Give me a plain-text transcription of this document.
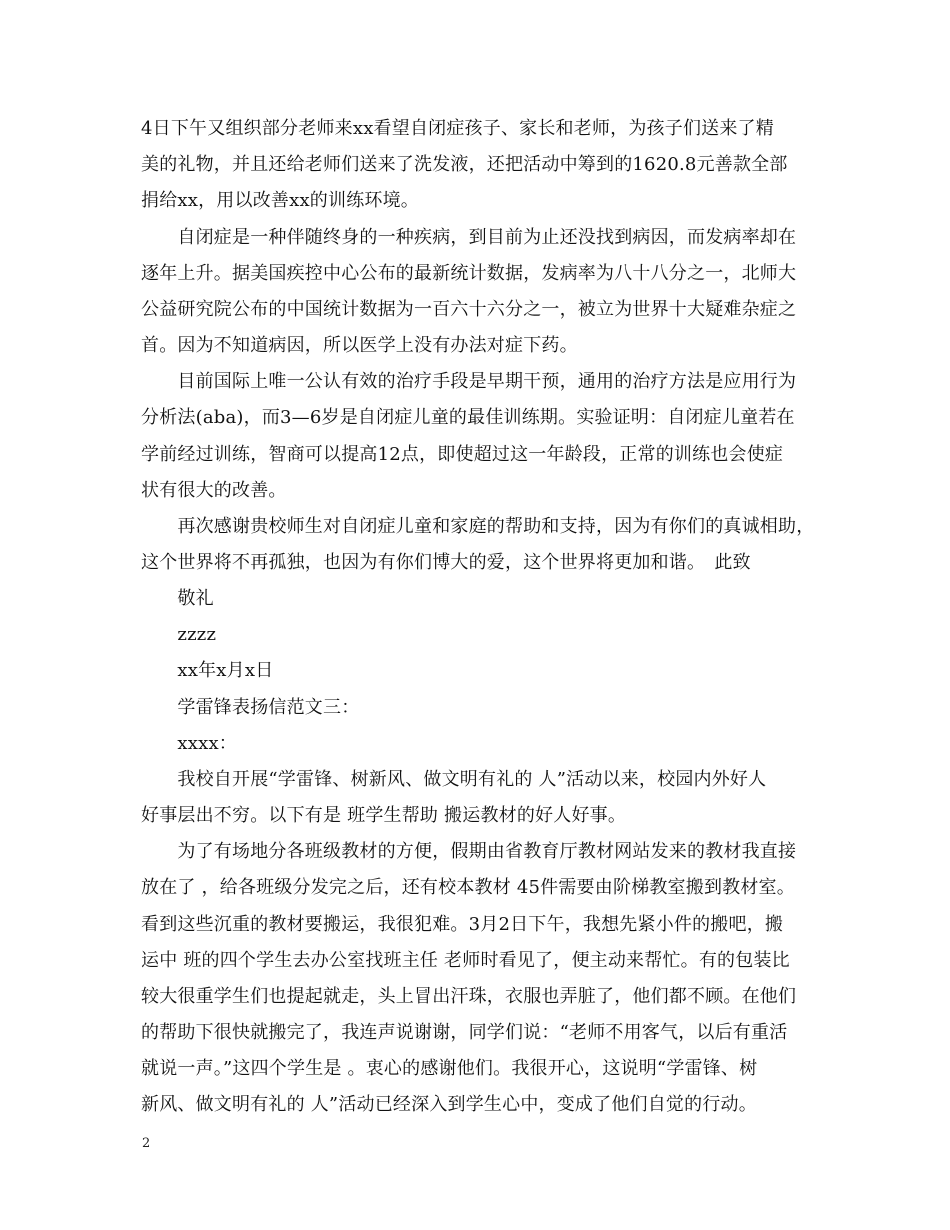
4日下午又组织部分老师来xx看望自闭症孩子、家长和老师，为孩子们送来了精
美的礼物，并且还给老师们送来了洗发液，还把活动中筹到的1620.8元善款全部
捐给xx，用以改善xx的训练环境。
　　自闭症是一种伴随终身的一种疾病，到目前为止还没找到病因，而发病率却在
逐年上升。据美国疾控中心公布的最新统计数据，发病率为八十八分之一，北师大
公益研究院公布的中国统计数据为一百六十六分之一，被立为世界十大疑难杂症之
首。因为不知道病因，所以医学上没有办法对症下药。
　　目前国际上唯一公认有效的治疗手段是早期干预，通用的治疗方法是应用行为
分析法(aba)，而3—6岁是自闭症儿童的最佳训练期。实验证明：自闭症儿童若在
学前经过训练，智商可以提高12点，即使超过这一年龄段，正常的训练也会使症
状有很大的改善。
　　再次感谢贵校师生对自闭症儿童和家庭的帮助和支持，因为有你们的真诚相助，
这个世界将不再孤独，也因为有你们博大的爱，这个世界将更加和谐。　此致
　　敬礼
　　zzzz
　　xx年x月x日
　　学雷锋表扬信范文三：
　　xxxx：
　　我校自开展“学雷锋、树新风、做文明有礼的 人”活动以来，校园内外好人
好事层出不穷。以下有是 班学生帮助 搬运教材的好人好事。
　　为了有场地分各班级教材的方便，假期由省教育厅教材网站发来的教材我直接
放在了 ，给各班级分发完之后，还有校本教材 45件需要由阶梯教室搬到教材室。
看到这些沉重的教材要搬运，我很犯难。3月2日下午，我想先紧小件的搬吧，搬
运中 班的四个学生去办公室找班主任 老师时看见了，便主动来帮忙。有的包装比
较大很重学生们也提起就走，头上冒出汗珠，衣服也弄脏了，他们都不顾。在他们
的帮助下很快就搬完了，我连声说谢谢，同学们说：“老师不用客气，以后有重活
就说一声。”这四个学生是 。衷心的感谢他们。我很开心，这说明“学雷锋、树
新风、做文明有礼的 人”活动已经深入到学生心中，变成了他们自觉的行动。
2
